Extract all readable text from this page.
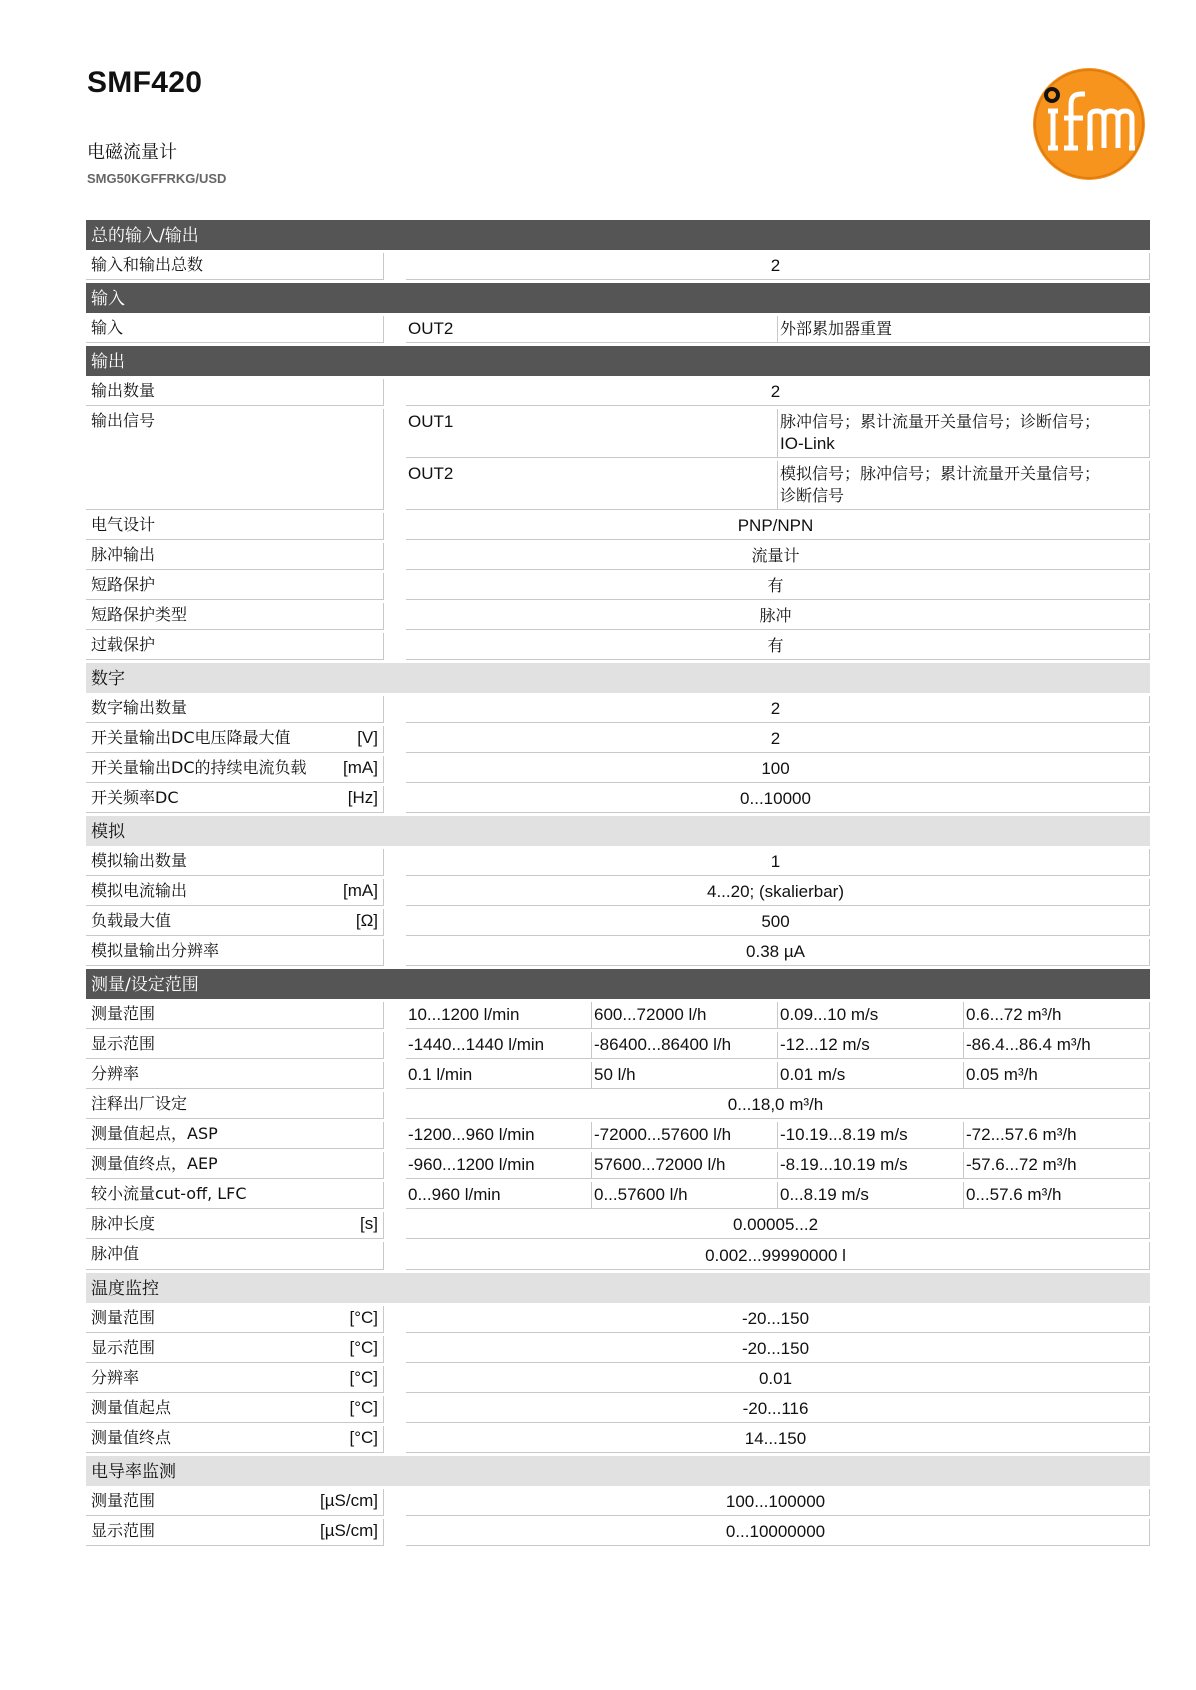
SMF420
电磁流量计
SMG50KGFFRKG/USD
总的输入/输出
输入和输出总数	2
输入
输入	OUT2	外部累加器重置
输出
输出数量	2
输出信号	OUT1	脉冲信号；累计流量开关量信号；诊断信号；
IO-Link
OUT2	模拟信号；脉冲信号；累计流量开关量信号；
诊断信号
电气设计	PNP/NPN
脉冲输出	流量计
短路保护	有
短路保护类型	脉冲
过载保护	有
数字
数字输出数量	2
开关量输出DC电压降最大值	[V]	2
开关量输出DC的持续电流负载	[mA]	100
开关频率DC	[Hz]	0...10000
模拟
模拟输出数量	1
模拟电流输出	[mA]	4...20; (skalierbar)
负载最大值	[Ω]	500
模拟量输出分辨率	0.38 µA
测量/设定范围
测量范围	10...1200 l/min	600...72000 l/h	0.09...10 m/s	0.6...72 m³/h
显示范围	-1440...1440 l/min	-86400...86400 l/h	-12...12 m/s	-86.4...86.4 m³/h
分辨率	0.1 l/min	50 l/h	0.01 m/s	0.05 m³/h
注释出厂设定	0...18,0 m³/h
测量值起点，ASP	-1200...960 l/min	-72000...57600 l/h	-10.19...8.19 m/s	-72...57.6 m³/h
测量值终点，AEP	-960...1200 l/min	57600...72000 l/h	-8.19...10.19 m/s	-57.6...72 m³/h
较小流量cut-off, LFC	0...960 l/min	0...57600 l/h	0...8.19 m/s	0...57.6 m³/h
脉冲长度	[s]	0.00005...2
脉冲值	0.002...99990000 l
温度监控
测量范围	[°C]	-20...150
显示范围	[°C]	-20...150
分辨率	[°C]	0.01
测量值起点	[°C]	-20...116
测量值终点	[°C]	14...150
电导率监测
测量范围	[µS/cm]	100...100000
显示范围	[µS/cm]	0...10000000
